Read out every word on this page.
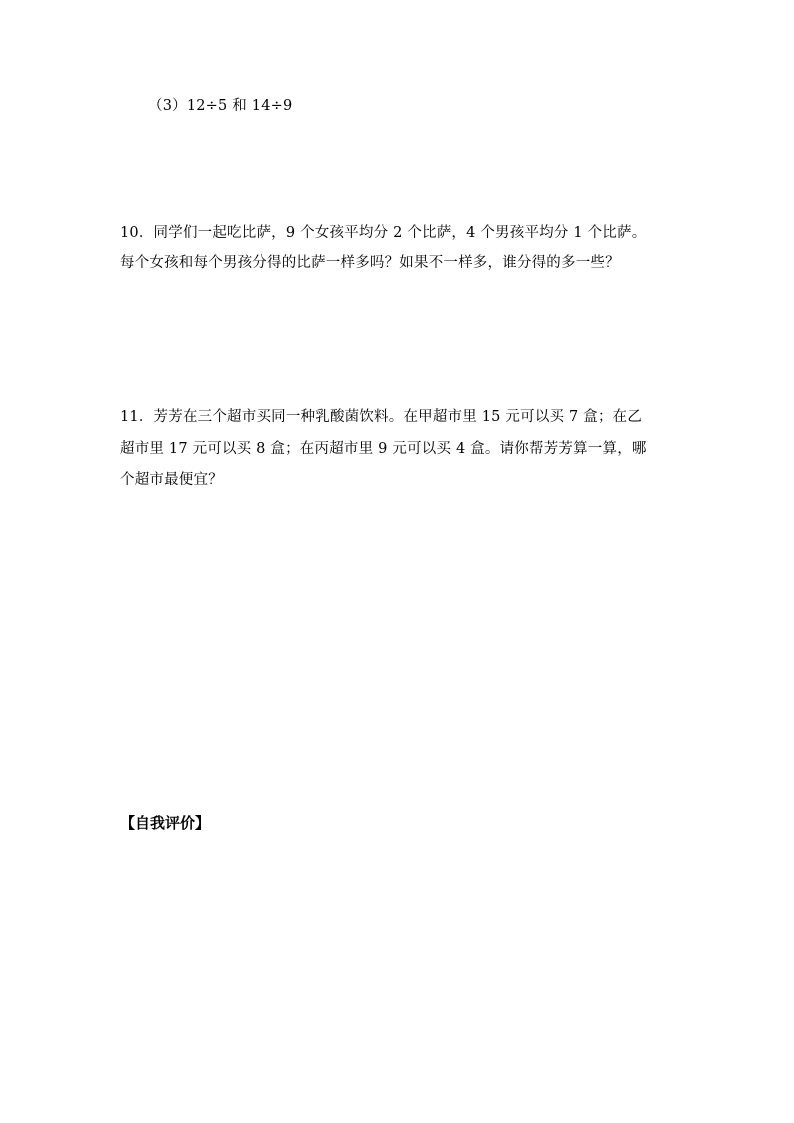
（3）12÷5 和 14÷9
10．同学们一起吃比萨，9 个女孩平均分 2 个比萨，4 个男孩平均分 1 个比萨。
每个女孩和每个男孩分得的比萨一样多吗？如果不一样多，谁分得的多一些？
11．芳芳在三个超市买同一种乳酸菌饮料。在甲超市里 15 元可以买 7 盒；在乙
超市里 17 元可以买 8 盒；在丙超市里 9 元可以买 4 盒。请你帮芳芳算一算，哪
个超市最便宜？
【自我评价】
